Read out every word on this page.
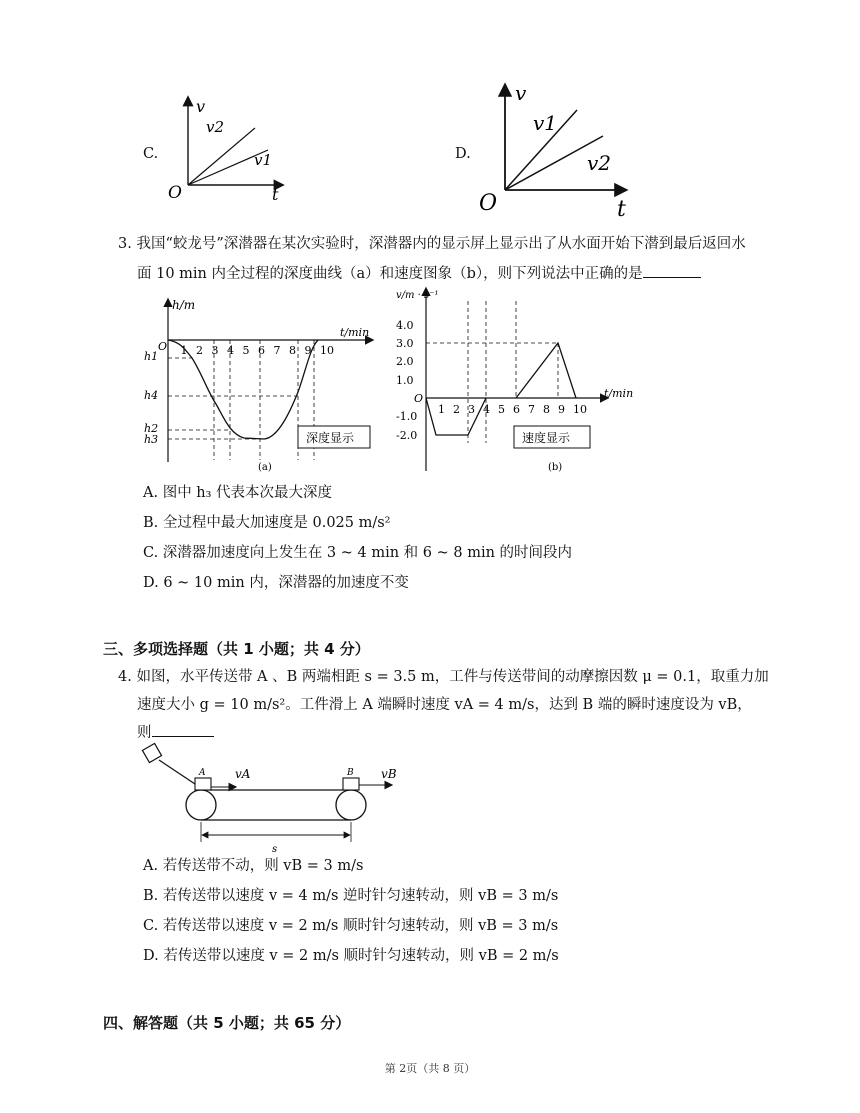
C.
v
t
O
v2
v1	D.
v
t
O
v1
v2
3. 我国“蛟龙号”深潜器在某次实验时，深潜器内的显示屏上显示出了从水面开始下潜到最后返回水
面 10 min 内全过程的深度曲线（a）和速度图象（b），则下列说法中正确的是
h/m
t/min
O 1 2 3 4 5 6 7 8 9 10
h1
h4
h2
h3	深度显示
(a)
v/m · s⁻¹
t/min
O
4.0
3.0
2.0
1.0
-1.0
-2.0
1 2 3 4 5 6 7 8 9 10
速度显示
(b)
A. 图中 h₃ 代表本次最大深度
B. 全过程中最大加速度是 0.025 m/s²
C. 深潜器加速度向上发生在 3 ~ 4 min 和 6 ~ 8 min 的时间段内
D. 6 ~ 10 min 内，深潜器的加速度不变
三、多项选择题（共 1 小题；共 4 分）
4. 如图，水平传送带 A 、B 两端相距 s = 3.5 m，工件与传送带间的动摩擦因数 μ = 0.1，取重力加
速度大小 g = 10 m/s²。工件滑上 A 端瞬时速度 vA = 4 m/s，达到 B 端的瞬时速度设为 vB，
则
A	B
vA	vB
s
A. 若传送带不动，则 vB = 3 m/s
B. 若传送带以速度 v = 4 m/s 逆时针匀速转动，则 vB = 3 m/s
C. 若传送带以速度 v = 2 m/s 顺时针匀速转动，则 vB = 3 m/s
D. 若传送带以速度 v = 2 m/s 顺时针匀速转动，则 vB = 2 m/s
四、解答题（共 5 小题；共 65 分）
第 2页（共 8 页）
